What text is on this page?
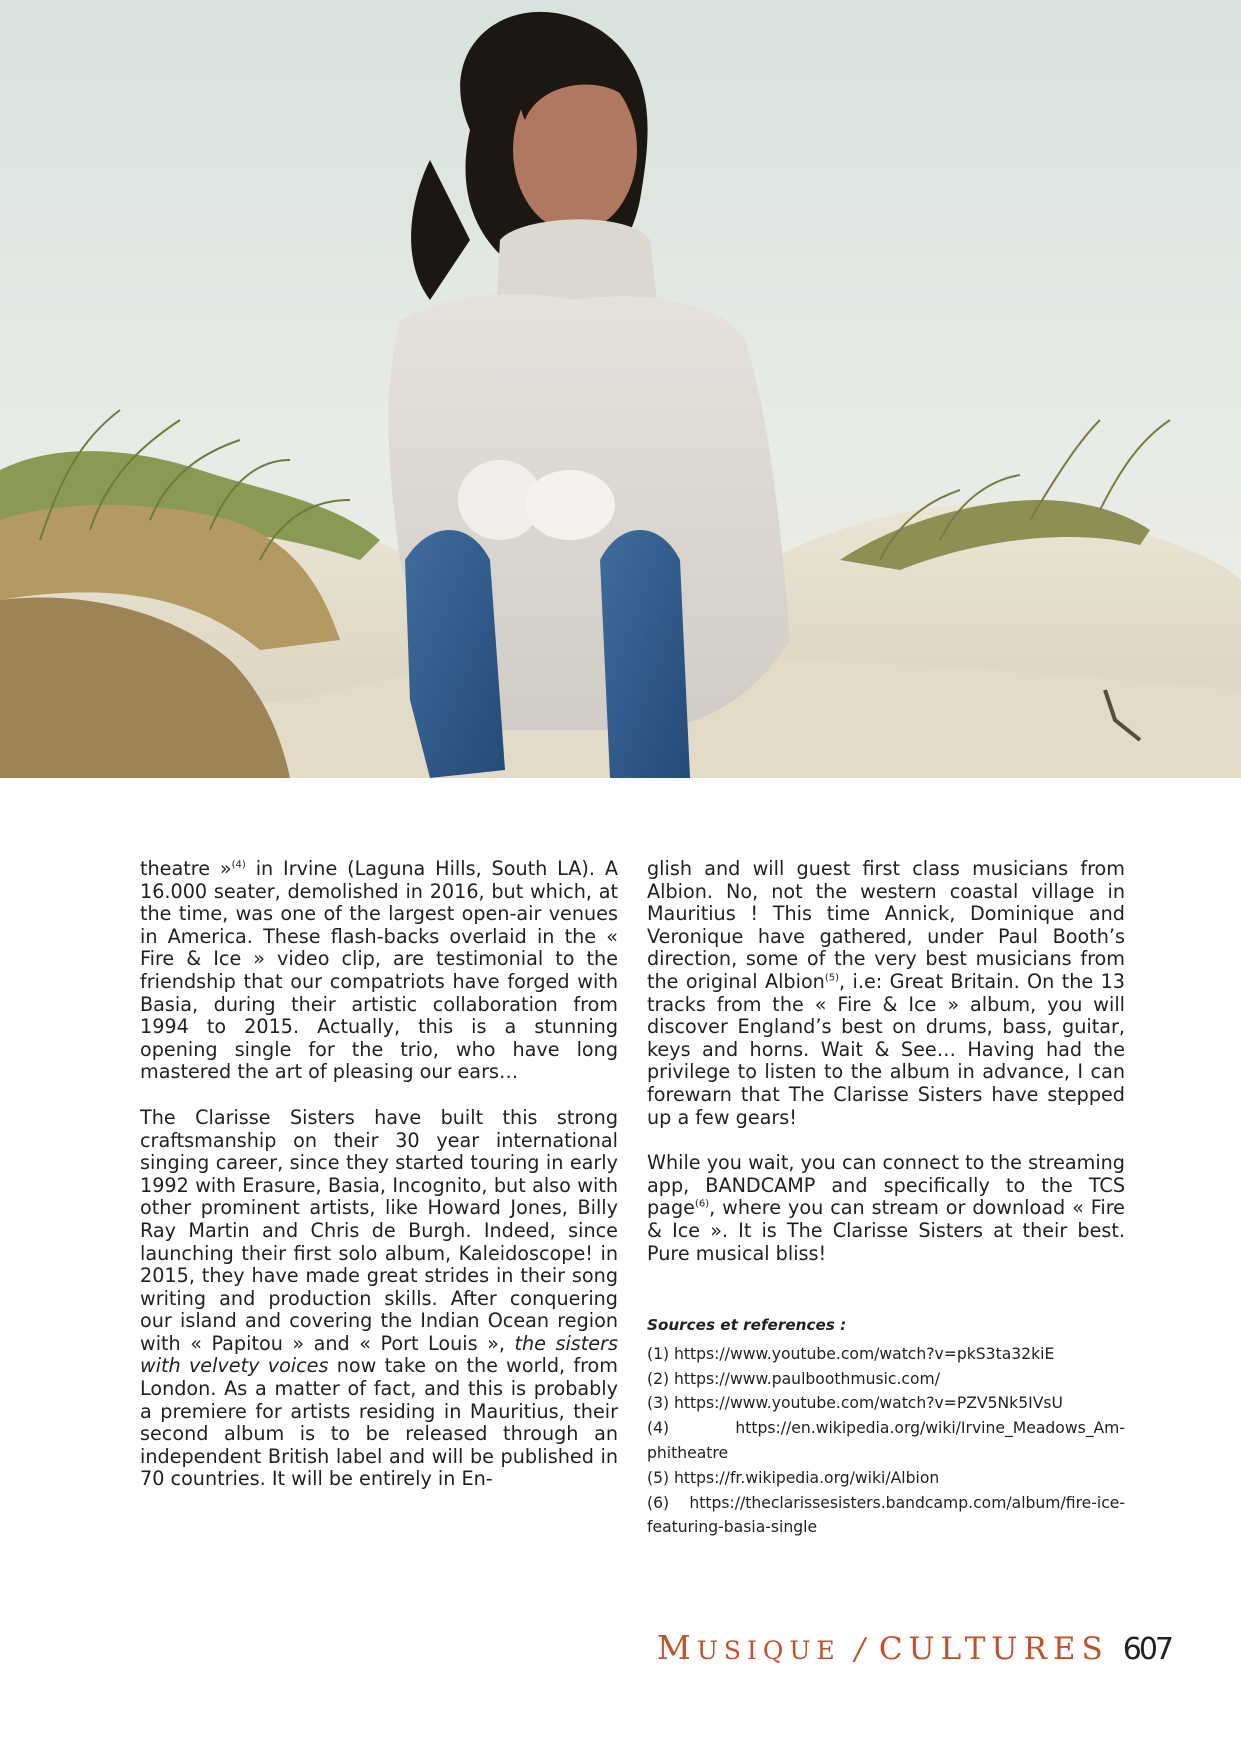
theatre »$^{(4)}$ in Irvine (Laguna Hills, South LA). A 16.000 seater, demolished in 2016, but which, at the time, was one of the largest open-air venues in America. These flash-backs overlaid in the « Fire & Ice » video clip, are testimonial to the friendship that our compatriots have forged with Basia, during their artistic collaboration from 1994 to 2015. Actually, this is a stunning opening single for the trio, who have long mastered the art of pleasing our ears…

The Clarisse Sisters have built this strong craftsmanship on their 30 year international singing career, since they started touring in early 1992 with Erasure, Basia, Incognito, but also with other prominent artists, like Howard Jones, Billy Ray Martin and Chris de Burgh. Indeed, since launching their first solo album, Kaleidoscope! in 2015, they have made great strides in their song writing and production skills. After conquering our island and covering the Indian Ocean region with « Papitou » and « Port Louis », the sisters with velvety voices now take on the world, from London. As a matter of fact, and this is probably a premiere for artists residing in Mauritius, their second album is to be released through an independent British label and will be published in 70 countries. It will be entirely in En-

glish and will guest first class musicians from Albion. No, not the western coastal village in Mauritius ! This time Annick, Dominique and Veronique have gathered, under Paul Booth’s direction, some of the very best musicians from the original Albion$^{(5)}$, i.e: Great Britain. On the 13 tracks from the « Fire & Ice » album, you will discover England’s best on drums, bass, guitar, keys and horns. Wait & See… Having had the privilege to listen to the album in advance, I can forewarn that The Clarisse Sisters have stepped up a few gears!

While you wait, you can connect to the streaming app, BANDCAMP and specifically to the TCS page$^{(6)}$, where you can stream or download « Fire & Ice ». It is The Clarisse Sisters at their best. Pure musical bliss!

Sources et references :

(1) https://www.youtube.com/watch?v=pkS3ta32kiE

(2) https://www.paulboothmusic.com/

(3) https://www.youtube.com/watch?v=PZV5Nk5IVsU

(4) https://en.wikipedia.org/wiki/Irvine_Meadows_Amphitheatre

(5) https://fr.wikipedia.org/wiki/Albion

(6) https://theclarissesisters.bandcamp.com/album/fire-ice-featuring-basia-single

MUSIQUE / CULTURES 607
